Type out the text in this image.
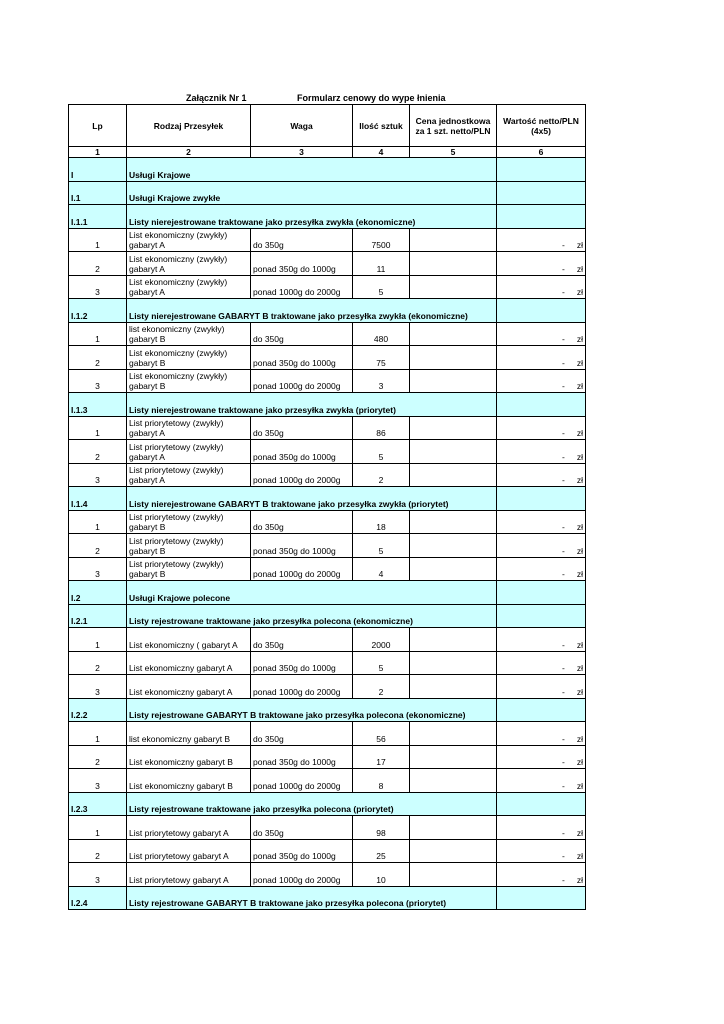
Załącznik Nr 1	Formularz cenowy do wype łnienia
Lp	Rodzaj Przesyłek	Waga	Ilość sztuk	Cena jednostkowa za 1 szt. netto/PLN	Wartość netto/PLN (4x5)
1	2	3	4	5	6
I	Usługi Krajowe				
I.1	Usługi Krajowe zwykłe				
I.1.1	Listy nierejestrowane traktowane jako przesyłka zwykła (ekonomiczne)				
1	List ekonomiczny (zwykły) gabaryt A	do 350g	7500		- zł
2	List ekonomiczny (zwykły) gabaryt A	ponad 350g do 1000g	11		- zł
3	List ekonomiczny (zwykły) gabaryt A	ponad 1000g do 2000g	5		- zł
I.1.2	Listy nierejestrowane GABARYT B traktowane jako przesyłka zwykła (ekonomiczne)				
1	list ekonomiczny (zwykły) gabaryt B	do 350g	480		- zł
2	List ekonomiczny (zwykły) gabaryt B	ponad 350g do 1000g	75		- zł
3	List ekonomiczny (zwykły) gabaryt B	ponad 1000g do 2000g	3		- zł
I.1.3	Listy nierejestrowane traktowane jako przesyłka zwykła (priorytet)				
1	List priorytetowy (zwykły) gabaryt A	do 350g	86		- zł
2	List priorytetowy (zwykły) gabaryt A	ponad 350g do 1000g	5		- zł
3	List priorytetowy (zwykły) gabaryt A	ponad 1000g do 2000g	2		- zł
I.1.4	Listy nierejestrowane GABARYT B traktowane jako przesyłka zwykła (priorytet)				
1	List priorytetowy (zwykły) gabaryt B	do 350g	18		- zł
2	List priorytetowy (zwykły) gabaryt B	ponad 350g do 1000g	5		- zł
3	List priorytetowy (zwykły) gabaryt B	ponad 1000g do 2000g	4		- zł
I.2	Usługi Krajowe polecone				
I.2.1	Listy rejestrowane traktowane jako przesyłka polecona (ekonomiczne)				
1	List ekonomiczny ( gabaryt A	do 350g	2000		- zł
2	List ekonomiczny gabaryt A	ponad 350g do 1000g	5		- zł
3	List ekonomiczny gabaryt A	ponad 1000g do 2000g	2		- zł
I.2.2	Listy rejestrowane GABARYT B traktowane jako przesyłka polecona (ekonomiczne)				
1	list ekonomiczny gabaryt B	do 350g	56		- zł
2	List ekonomiczny gabaryt B	ponad 350g do 1000g	17		- zł
3	List ekonomiczny gabaryt B	ponad 1000g do 2000g	8		- zł
I.2.3	Listy rejestrowane traktowane jako przesyłka polecona (priorytet)				
1	List priorytetowy gabaryt A	do 350g	98		- zł
2	List priorytetowy gabaryt A	ponad 350g do 1000g	25		- zł
3	List priorytetowy gabaryt A	ponad 1000g do 2000g	10		- zł
I.2.4	Listy rejestrowane GABARYT B traktowane jako przesyłka polecona (priorytet)				
